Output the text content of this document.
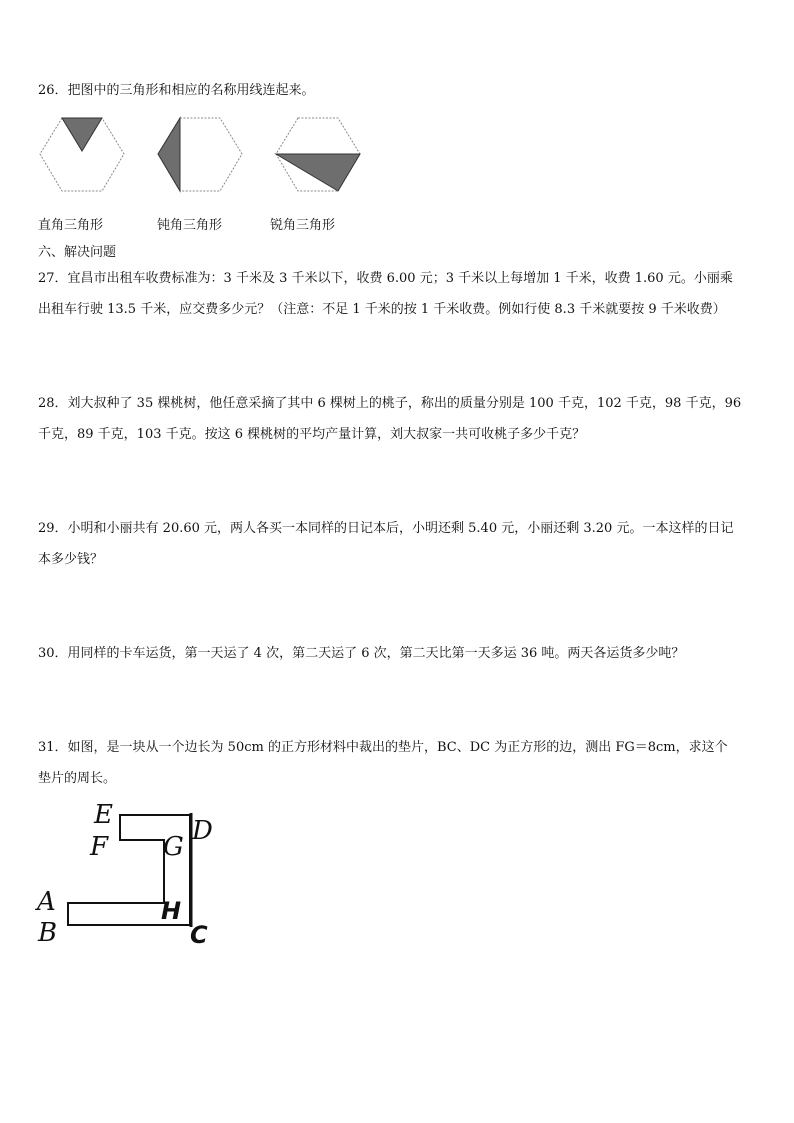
26．把图中的三角形和相应的名称用线连起来。
直角三角形	钝角三角形	锐角三角形
六、解决问题
27．宜昌市出租车收费标准为：3 千米及 3 千米以下，收费 6.00 元；3 千米以上每增加 1 千米，收费 1.60 元。小丽乘
出租车行驶 13.5 千米，应交费多少元？（注意：不足 1 千米的按 1 千米收费。例如行使 8.3 千米就要按 9 千米收费）
28．刘大叔种了 35 棵桃树，他任意采摘了其中 6 棵树上的桃子，称出的质量分别是 100 千克，102 千克，98 千克，96
千克，89 千克，103 千克。按这 6 棵桃树的平均产量计算，刘大叔家一共可收桃子多少千克？
29．小明和小丽共有 20.60 元，两人各买一本同样的日记本后，小明还剩 5.40 元，小丽还剩 3.20 元。一本这样的日记
本多少钱？
30．用同样的卡车运货，第一天运了 4 次，第二天运了 6 次，第二天比第一天多运 36 吨。两天各运货多少吨？
31．如图，是一块从一个边长为 50cm 的正方形材料中裁出的垫片，BC、DC 为正方形的边，测出 FG＝8cm，求这个
垫片的周长。
E
F G
D
A
B
H
C
